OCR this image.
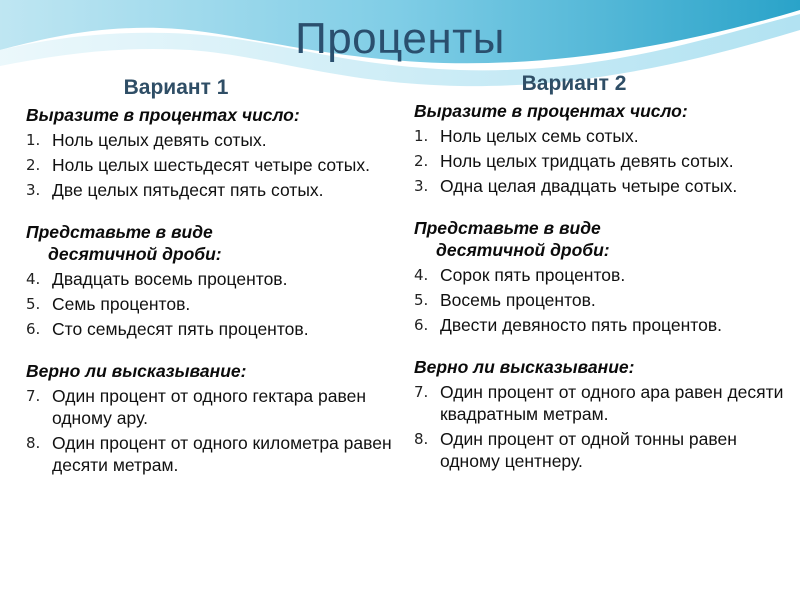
Проценты
Вариант 1
Выразите в процентах число:
1. Ноль целых девять сотых.
2. Ноль целых шестьдесят четыре сотых.
3. Две целых пятьдесят пять сотых.
Представьте в виде
десятичной дроби:
4. Двадцать восемь процентов.
5. Семь процентов.
6. Сто семьдесят пять процентов.
Верно ли высказывание:
7. Один процент от одного гектара равен одному ару.
8. Один процент от одного километра равен десяти метрам.
Вариант 2
Выразите в процентах число:
1. Ноль целых семь сотых.
2. Ноль целых тридцать девять сотых.
3. Одна целая двадцать четыре сотых.
Представьте в виде
десятичной дроби:
4. Сорок пять процентов.
5. Восемь процентов.
6. Двести девяносто пять процентов.
Верно ли высказывание:
7. Один процент от одного ара равен десяти квадратным метрам.
8. Один процент от одной тонны равен одному центнеру.
